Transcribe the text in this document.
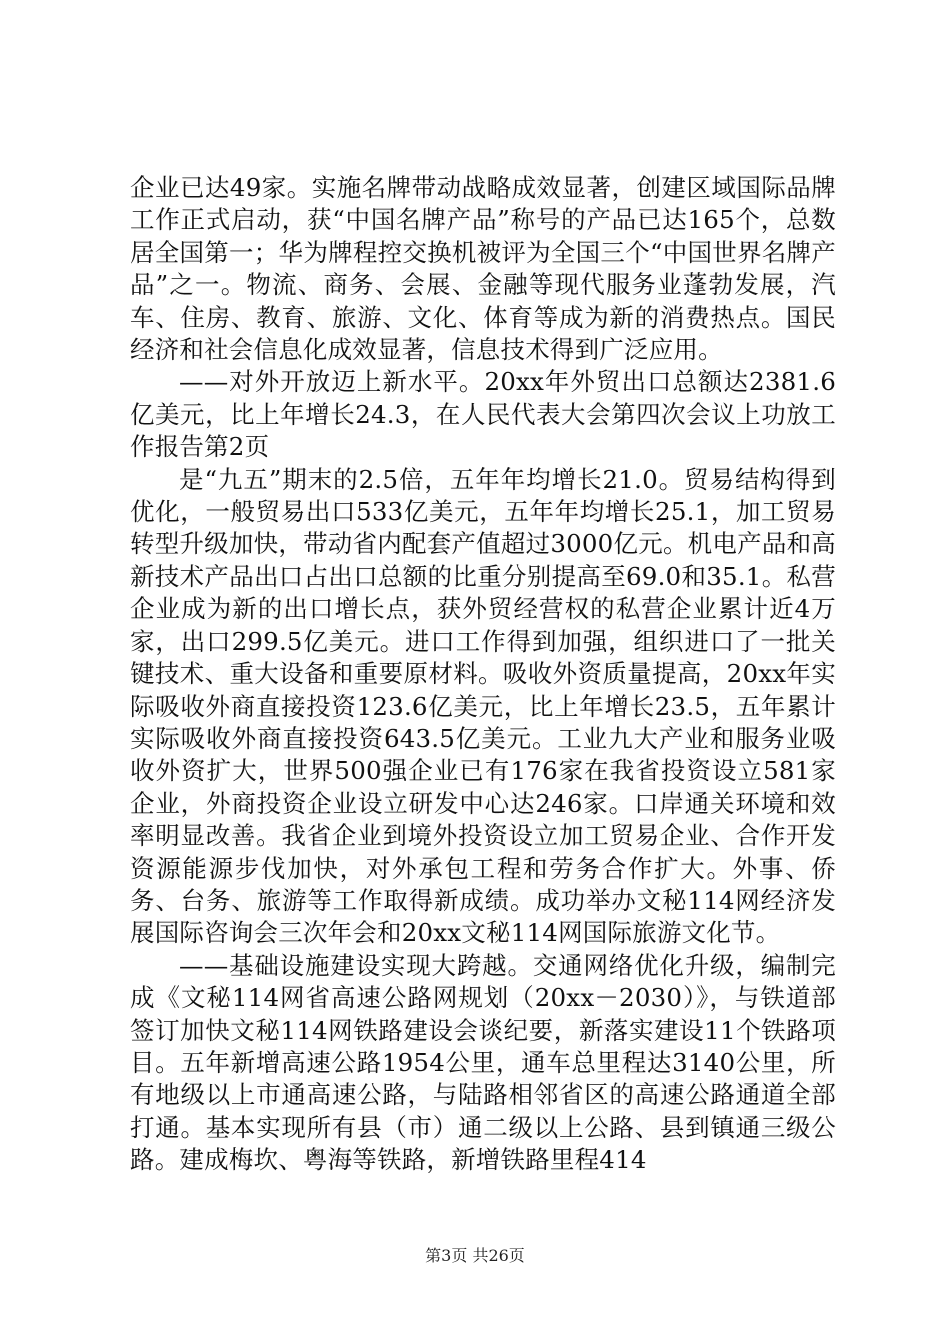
企业已达49家。实施名牌带动战略成效显著，创建区域国际品牌工作正式启动，获“中国名牌产品”称号的产品已达165个，总数居全国第一；华为牌程控交换机被评为全国三个“中国世界名牌产品”之一。物流、商务、会展、金融等现代服务业蓬勃发展，汽车、住房、教育、旅游、文化、体育等成为新的消费热点。国民经济和社会信息化成效显著，信息技术得到广泛应用。

——对外开放迈上新水平。20xx年外贸出口总额达2381.6亿美元，比上年增长24.3，在人民代表大会第四次会议上功放工作报告第2页

是“九五”期末的2.5倍，五年年均增长21.0。贸易结构得到优化，一般贸易出口533亿美元，五年年均增长25.1，加工贸易转型升级加快，带动省内配套产值超过3000亿元。机电产品和高新技术产品出口占出口总额的比重分别提高至69.0和35.1。私营企业成为新的出口增长点，获外贸经营权的私营企业累计近4万家，出口299.5亿美元。进口工作得到加强，组织进口了一批关键技术、重大设备和重要原材料。吸收外资质量提高，20xx年实际吸收外商直接投资123.6亿美元，比上年增长23.5，五年累计实际吸收外商直接投资643.5亿美元。工业九大产业和服务业吸收外资扩大，世界500强企业已有176家在我省投资设立581家企业，外商投资企业设立研发中心达246家。口岸通关环境和效率明显改善。我省企业到境外投资设立加工贸易企业、合作开发资源能源步伐加快，对外承包工程和劳务合作扩大。外事、侨务、台务、旅游等工作取得新成绩。成功举办文秘114网经济发展国际咨询会三次年会和20xx文秘114网国际旅游文化节。

——基础设施建设实现大跨越。交通网络优化升级，编制完成《文秘114网省高速公路网规划（20xx－2030）》，与铁道部签订加快文秘114网铁路建设会谈纪要，新落实建设11个铁路项目。五年新增高速公路1954公里，通车总里程达3140公里，所有地级以上市通高速公路，与陆路相邻省区的高速公路通道全部打通。基本实现所有县（市）通二级以上公路、县到镇通三级公路。建成梅坎、粤海等铁路，新增铁路里程414

第3页 共26页
